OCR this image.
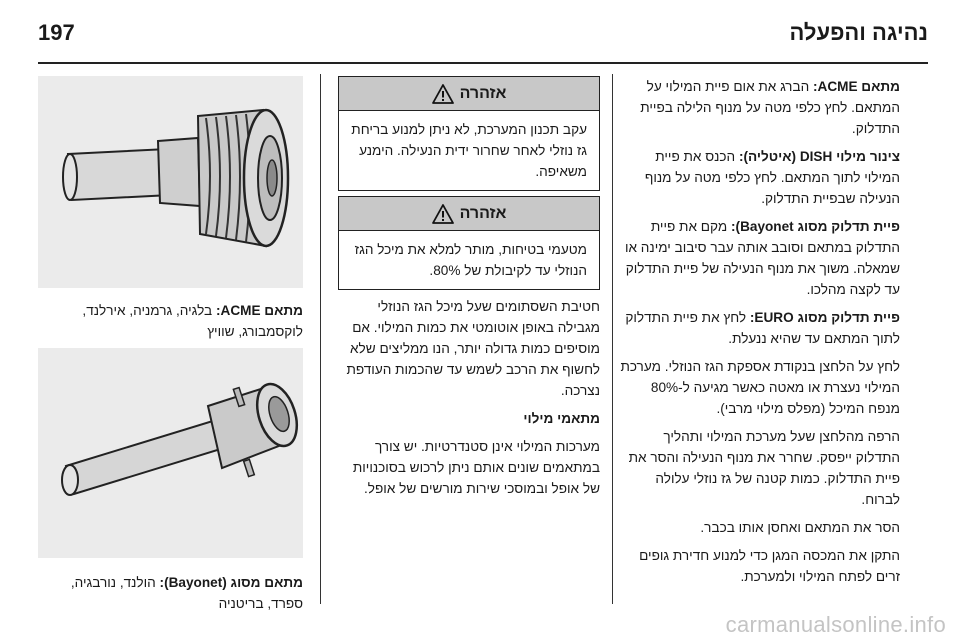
197	נהיגה והפעלה

מתאם ACME: הברג את אום פיית המילוי על המתאם. לחץ כלפי מטה על מנוף הלילה בפיית התדלוק.

צינור מילוי DISH (איטליה): הכנס את פיית המילוי לתוך המתאם. לחץ כלפי מטה על מנוף הנעילה שבפיית התדלוק.

פיית תדלוק מסוג Bayonet): מקם את פיית התדלוק במתאם וסובב אותה עבר סיבוב ימינה או שמאלה. משוך את מנוף הנעילה של פיית התדלוק עד לקצה מהלכו.

פיית תדלוק מסוג EURO: לחץ את פיית התדלוק לתוך המתאם עד שהיא ננעלת.

לחץ על הלחצן בנקודת אספקת הגז הנוזלי. מערכת המילוי נעצרת או מאטה כאשר מגיעה ל-80% מנפח המיכל (מפלס מילוי מרבי).

הרפה מהלחצן שעל מערכת המילוי ותהליך התדלוק ייפסק. שחרר את מנוף הנעילה והסר את פיית התדלוק. כמות קטנה של גז נוזלי עלולה לברוח.

הסר את המתאם ואחסן אותו בכבר.

התקן את המכסה המגן כדי למנוע חדירת גופים זרים לפתח המילוי ולמערכת.

אזהרה
עקב תכנון המערכת, לא ניתן למנוע בריחת גז נוזלי לאחר שחרור ידית הנעילה. הימנע משאיפה.
אזהרה
מטעמי בטיחות, מותר למלא את מיכל הגז הנוזלי עד לקיבולת של 80%.

חטיבת השסתומים שעל מיכל הגז הנוזלי מגבילה באופן אוטומטי את כמות המילוי. אם מוסיפים כמות גדולה יותר, הנו ממליצים שלא לחשוף את הרכב לשמש עד שהכמות העודפת נצרכה.

מתאמי מילוי

מערכות המילוי אינן סטנדרטיות. יש צורך במתאמים שונים אותם ניתן לרכוש בסוכנויות של אופל ובמוסכי שירות מורשים של אופל.

מתאם ACME: בלגיה, גרמניה, אירלנד, לוקסמבורג, שוויץ
מתאם מסוג (Bayonet): הולנד, נורבגיה, ספרד, בריטניה
carmanualsonline.info
